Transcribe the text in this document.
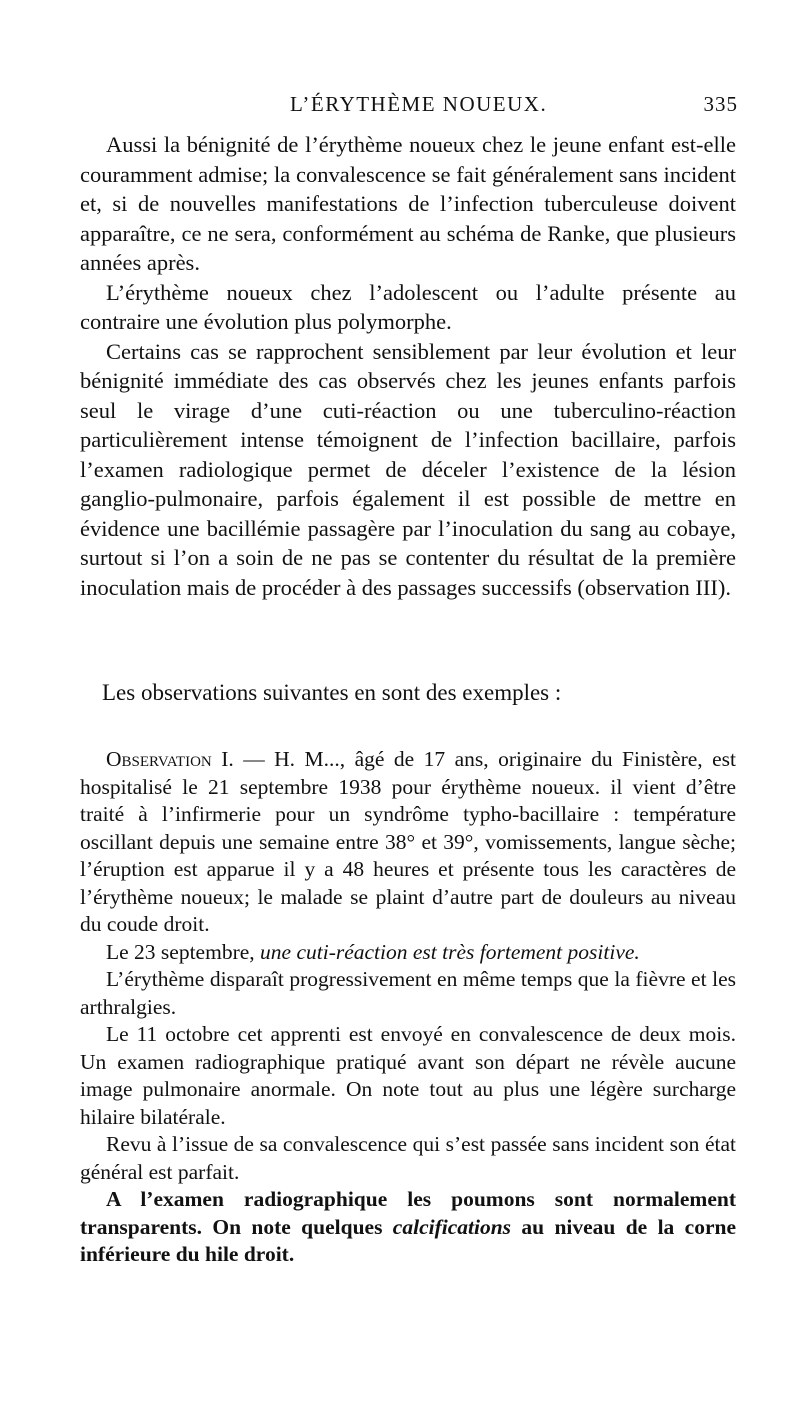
L’ÉRYTHÈME NOUEUX.	335

Aussi la bénignité de l’érythème noueux chez le jeune enfant est-elle couramment admise; la convalescence se fait généralement sans incident et, si de nouvelles manifestations de l’infection tuberculeuse doivent apparaître, ce ne sera, conformément au schéma de Ranke, que plusieurs années après.

L’érythème noueux chez l’adolescent ou l’adulte présente au contraire une évolution plus polymorphe.

Certains cas se rapprochent sensiblement par leur évolution et leur bénignité immédiate des cas observés chez les jeunes enfants parfois seul le virage d’une cuti-réaction ou une tuberculino-réaction particulièrement intense témoignent de l’infection bacillaire, parfois l’examen radiologique permet de déceler l’existence de la lésion ganglio-pulmonaire, parfois également il est possible de mettre en évidence une bacillémie passagère par l’inoculation du sang au cobaye, surtout si l’on a soin de ne pas se contenter du résultat de la première inoculation mais de procéder à des passages successifs (observation III).

Les observations suivantes en sont des exemples :

Observation I. — H. M..., âgé de 17 ans, originaire du Finistère, est hospitalisé le 21 septembre 1938 pour érythème noueux. il vient d’être traité à l’infirmerie pour un syndrôme typho-bacillaire : température oscillant depuis une semaine entre 38° et 39°, vomissements, langue sèche; l’éruption est apparue il y a 48 heures et présente tous les caractères de l’érythème noueux; le malade se plaint d’autre part de douleurs au niveau du coude droit.

Le 23 septembre, une cuti-réaction est très fortement positive.

L’érythème disparaît progressivement en même temps que la fièvre et les arthralgies.

Le 11 octobre cet apprenti est envoyé en convalescence de deux mois. Un examen radiographique pratiqué avant son départ ne révèle aucune image pulmonaire anormale. On note tout au plus une légère surcharge hilaire bilatérale.

Revu à l’issue de sa convalescence qui s’est passée sans incident son état général est parfait.

A l’examen radiographique les poumons sont normalement transparents. On note quelques calcifications au niveau de la corne inférieure du hile droit.
